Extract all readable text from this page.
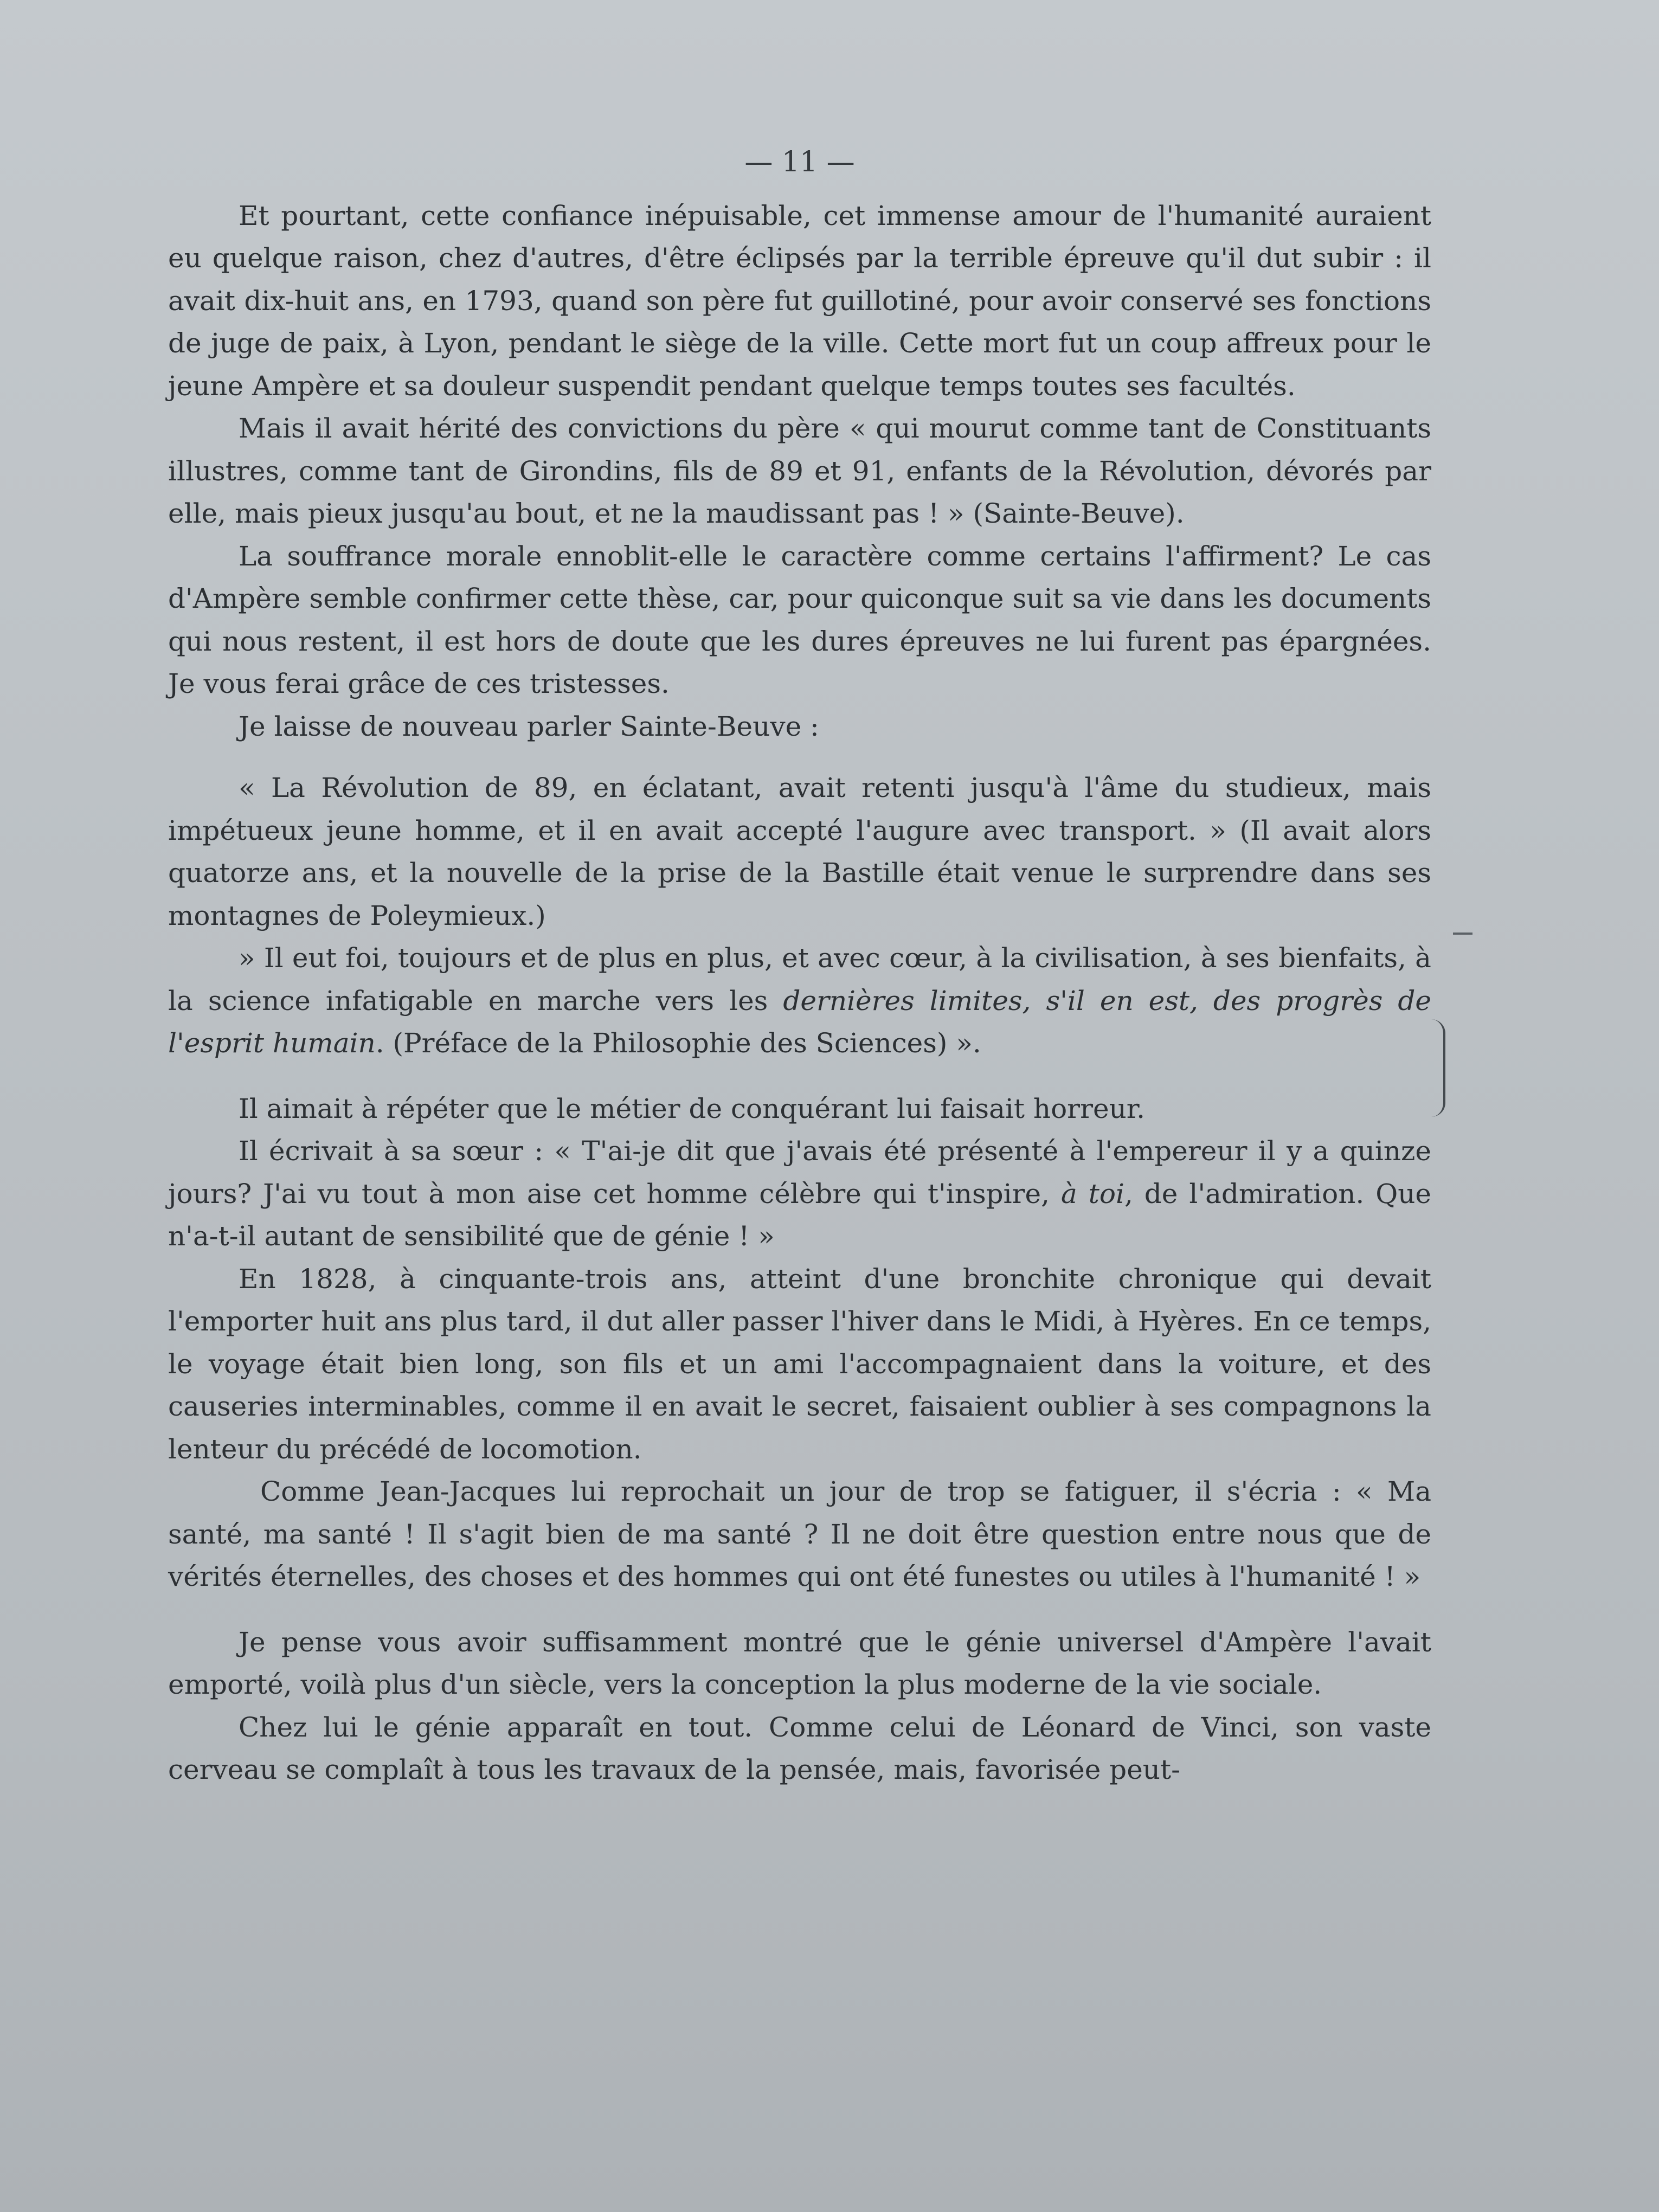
— 11 —

Et pourtant, cette confiance inépuisable, cet immense amour de l'humanité auraient eu quelque raison, chez d'autres, d'être éclipsés par la terrible épreuve qu'il dut subir : il avait dix-huit ans, en 1793, quand son père fut guillotiné, pour avoir conservé ses fonctions de juge de paix, à Lyon, pendant le siège de la ville. Cette mort fut un coup affreux pour le jeune Ampère et sa douleur suspendit pendant quelque temps toutes ses facultés.

Mais il avait hérité des convictions du père « qui mourut comme tant de Constituants illustres, comme tant de Girondins, fils de 89 et 91, enfants de la Révolution, dévorés par elle, mais pieux jusqu'au bout, et ne la maudissant pas ! » (Sainte-Beuve).

La souffrance morale ennoblit-elle le caractère comme certains l'affirment? Le cas d'Ampère semble confirmer cette thèse, car, pour quiconque suit sa vie dans les documents qui nous restent, il est hors de doute que les dures épreuves ne lui furent pas épargnées. Je vous ferai grâce de ces tristesses.

Je laisse de nouveau parler Sainte-Beuve :

« La Révolution de 89, en éclatant, avait retenti jusqu'à l'âme du studieux, mais impétueux jeune homme, et il en avait accepté l'augure avec transport. » (Il avait alors quatorze ans, et la nouvelle de la prise de la Bastille était venue le surprendre dans ses montagnes de Poleymieux.)

» Il eut foi, toujours et de plus en plus, et avec cœur, à la civilisation, à ses bienfaits, à la science infatigable en marche vers les dernières limites, s'il en est, des progrès de l'esprit humain. (Préface de la Philosophie des Sciences) ».

Il aimait à répéter que le métier de conquérant lui faisait horreur.

Il écrivait à sa sœur : « T'ai-je dit que j'avais été présenté à l'empereur il y a quinze jours? J'ai vu tout à mon aise cet homme célèbre qui t'inspire, à toi, de l'admiration. Que n'a-t-il autant de sensibilité que de génie ! »

En 1828, à cinquante-trois ans, atteint d'une bronchite chronique qui devait l'emporter huit ans plus tard, il dut aller passer l'hiver dans le Midi, à Hyères. En ce temps, le voyage était bien long, son fils et un ami l'accompagnaient dans la voiture, et des causeries interminables, comme il en avait le secret, faisaient oublier à ses compagnons la lenteur du précédé de locomotion.

Comme Jean-Jacques lui reprochait un jour de trop se fatiguer, il s'écria : « Ma santé, ma santé ! Il s'agit bien de ma santé ? Il ne doit être question entre nous que de vérités éternelles, des choses et des hommes qui ont été funestes ou utiles à l'humanité ! »

Je pense vous avoir suffisamment montré que le génie universel d'Ampère l'avait emporté, voilà plus d'un siècle, vers la conception la plus moderne de la vie sociale.

Chez lui le génie apparaît en tout. Comme celui de Léonard de Vinci, son vaste cerveau se complaît à tous les travaux de la pensée, mais, favorisée peut-
